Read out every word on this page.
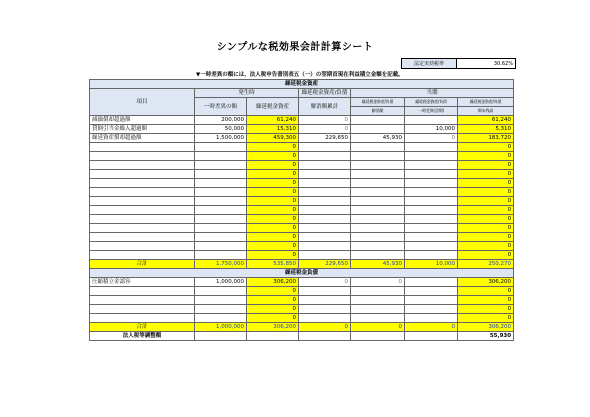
シンプルな税効果会計計算シート
法定実効税率	30.62%
▼一時差異の額には、法人税申告書別表五（一）の翌期首現在利益積立金額を記載。
繰延税金資産						
項目	発生時		繰延税金資産/負債	当期		
	一時差異の額	繰延税金資産	解消額累計	繰延税金資産/負債	繰延税金資産/負債	繰延税金資産/負債
				解消額	一時差異(翌期)	期末残高
減価償却超過額	200,000	61,240	0			61,240
貸倒引当金繰入超過額	50,000	15,310	0		10,000	5,310
繰延資産償却超過額	1,500,000	459,300	229,650	45,930	0	183,720
		0				0
		0				0
		0				0
		0				0
		0				0
		0				0
		0				0
		0				0
		0				0
		0				0
		0				0
		0				0
		0				0
合計	1,750,000	535,850	229,650	45,930	10,000	250,270
繰延税金負債						
圧縮積立金認容	1,000,000	306,200	0	0		306,200
		0				0
		0				0
		0				0
		0				0
合計	1,000,000	306,200	0	0	0	306,200
法人税等調整額						55,930
